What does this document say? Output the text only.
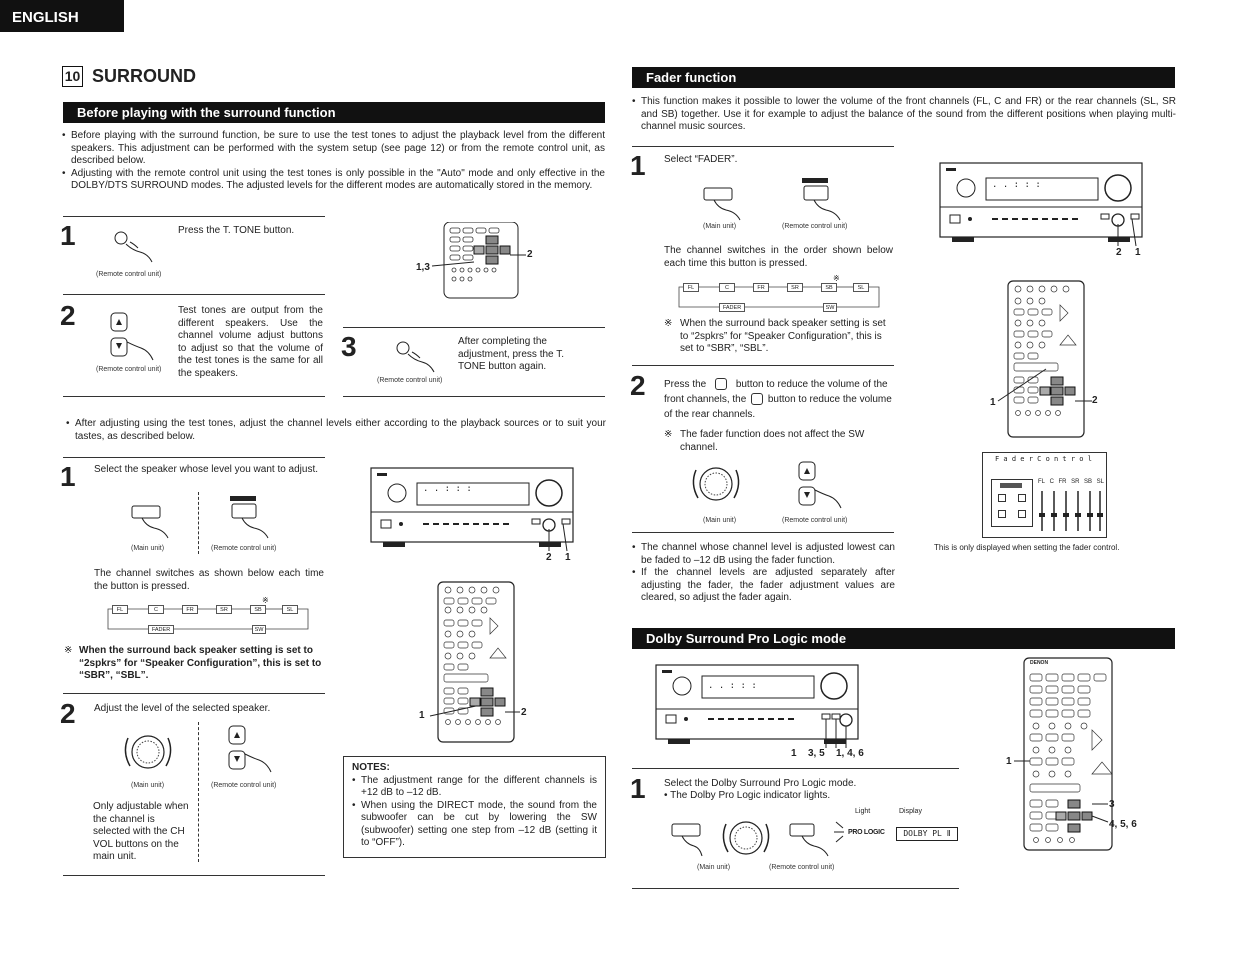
ENGLISH
10 SURROUND
Before playing with the surround function
• Before playing with the surround function, be sure to use the test tones to adjust the playback level from the different speakers. This adjustment can be performed with the system setup (see page 12) or from the remote control unit, as described below.
• Adjusting with the remote control unit using the test tones is only possible in the "Auto" mode and only effective in the DOLBY/DTS SURROUND modes. The adjusted levels for the different modes are automatically stored in the memory.
1
(Remote control unit)
Press the T. TONE button.
2
(Remote control unit)
Test tones are output from the different speakers. Use the channel volume adjust buttons to adjust so that the volume of the test tones is the same for all the speakers.
1,3
2
3
(Remote control unit)
After completing the adjustment, press the T. TONE button again.
• After adjusting using the test tones, adjust the channel levels either according to the playback sources or to suit your tastes, as described below.
1 Select the speaker whose level you want to adjust.
(Main unit)	(Remote control unit)
The channel switches as shown below each time the button is pressed.
FL	C	FR	SR	SB	SL
FADER	SW
※
※ When the surround back speaker setting is set to “2spkrs” for “Speaker Configuration”, this is set to “SBR”, “SBL”.
2 Adjust the level of the selected speaker.
(Main unit)	(Remote control unit)
Only adjustable when the channel is selected with the CH VOL buttons on the main unit.
2 1
. . : : :
1	2
NOTES:
• The adjustment range for the different channels is +12 dB to –12 dB.
• When using the DIRECT mode, the sound from the subwoofer can be cut by lowering the SW (subwoofer) setting one step from –12 dB (setting it to “OFF”).
Fader function
• This function makes it possible to lower the volume of the front channels (FL, C and FR) or the rear channels (SL, SR and SB) together. Use it for example to adjust the balance of the sound from the different positions when playing multi-channel music sources.
1 Select “FADER”.
(Main unit)	(Remote control unit)
The channel switches in the order shown below each time this button is pressed.
FL	C	FR	SR	SB	SL
FADER	SW
※
※ When the surround back speaker setting is set to “2spkrs” for “Speaker Configuration”, this is set to “SBR”, “SBL”.
2 Press the	button to reduce the volume of the front channels, the button to reduce the volume of the rear channels.
※ The fader function does not affect the SW channel.
(Main unit)	(Remote control unit)
• The channel whose channel level is adjusted lowest can be faded to –12 dB using the fader function.
• If the channel levels are adjusted separately after adjusting the fader, the fader adjustment values are cleared, so adjust the fader again.
2 1
. . : : :
1	2
F a d e r C o n t r o l
FL C FR SR SB SL
This is only displayed when setting the fader control.
Dolby Surround Pro Logic mode
. . : : :
1 3, 5 1, 4, 6
1 Select the Dolby Surround Pro Logic mode.
• The Dolby Pro Logic indicator lights.
Light	Display
(Main unit)	(Remote control unit)
PRO LOGIC	DOLBY PL Ⅱ
DENON
1
3
4, 5, 6
